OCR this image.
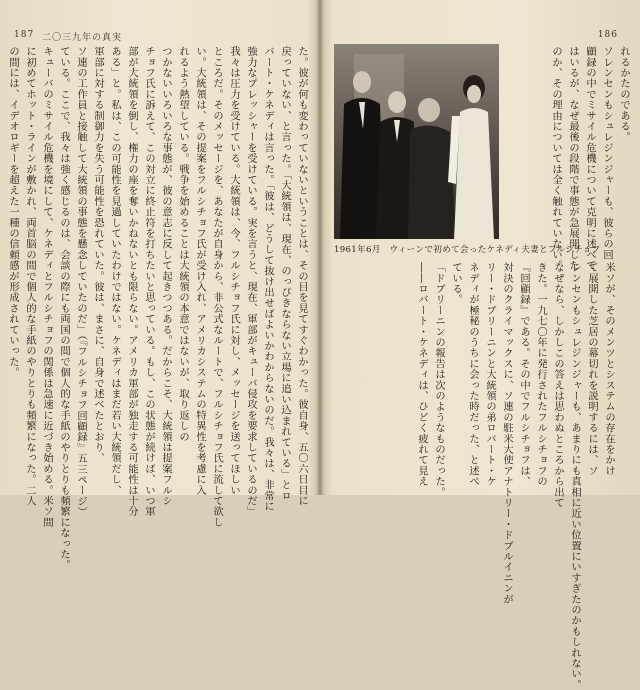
187 二〇三九年の真実
た。彼が何も変わっていないということは、その目を見てすぐわかった。彼自身、五〇六日目に
戻っていない、と言った。「大統領は、現在、のっぴきならない立場に追い込まれている」とロ
バート・ケネディは言った。「彼は、どうして抜け出せばよいかわからないのだ。我々は、非常に
強力なプレッシャーを受けている。実を言うと、現在、軍部がキューバ侵攻を要求しているのだ」
我々は圧力を受けている。大統領は、今、フルシチョフ氏に対し、メッセージを送ってほしい
ところだ。そのメッセージを、あなたが自身から、非公式なルートで、フルシチョフ氏に流して欲し
い。大統領は、その提案をフルシチョフ氏が受け入れ、アメリカシステムの特異性を考慮に入
れるよう熱望している。戦争を始めることは大統領の本意ではないが、取り返しの
つかないいろいろな事態が、彼の意志に反して起きつつある。だからこそ、大統領は提案フルシ
チョフ氏に訴えて、この対立に終止符を打ちたいと思っている。もし、この状態が続けば、いつ軍
部が大統領を倒し、権力の座を奪いかねないとも限らない。アメリカ軍部が独走する可能性は十分
ある」と。私は、この可能性を見過していたわけではない。ケネディはまだ若い大統領だし、
軍部に対する制御力を失う可能性を恐れていた。彼は、まさに、自身で述べたとおり、
ソ連の工作員と接触して大統領の事態を懸念していたのだ」（『フルシチョフ回顧録』五三ページ）
ている。ここで、我々は強く感じるのは、会談の際にも両国の間で個人的な手紙のやりとりも頻繁になった。
キューバのミサイル危機を境にして、ケネディとフルシチョフの関係は急速に近づき始める。米ソ間
に初めてホット・ラインが敷かれ、両首脳の間で個人的な手紙のやりとりも頻繁になった。二人
の間には、イデオロギーを超えた一種の信頼感が形成されていった。
186
れるかたのである。
ソレンセンもシュレジンジャーも、彼らの回
顧録の中でミサイル危機について克明に述べて
はいるが、なぜ最後の段階で事態が急展開した
のか、その理由については全く触れていない。
1961年6月　ウィーンで初めて会ったケネディ夫妻とフルシチョフ
米ソが、そのメンツとシステムの存在をかけ
て展開した芝居の幕切れを説明するには、ソ
レンセンもシュレジンジャーも、あまりにも真相に近い位置にいすぎたのかもしれない。
なぜなら、しかしこの答えは思わぬところから出て
きた。一九七〇年に発行されたフルシチョフの
『回顧録』である。その中でフルシチョフは、
対決のクライマックスに、ソ連の駐米大使アナトリー・ドブルイニンが
リー・ドブリーニンと大統領の弟ロバート・ケ
ネディが極秘のうちに会った時だった、と述べ
ている。
「ドブリーニンの報告は次のようなものだった。
――ロバート・ケネディは、ひどく疲れて見え
